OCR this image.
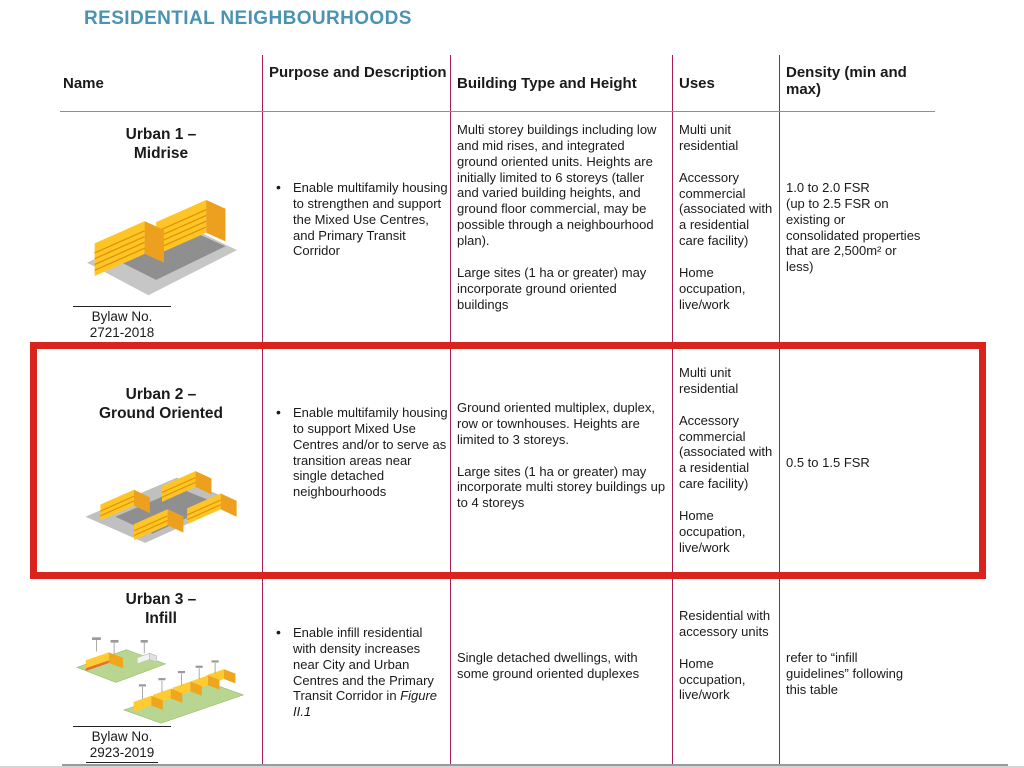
RESIDENTIAL NEIGHBOURHOODS
Name
Purpose and Description
Building Type and Height	Uses
Density (min and max)
Urban 1 –
Midrise
Bylaw No.
2721-2018
• Enable multifamily housing to strengthen and support the Mixed Use Centres, and Primary Transit Corridor
Multi storey buildings including low and mid rises, and integrated ground oriented units. Heights are initially limited to 6 storeys (taller and varied building heights, and ground floor commercial, may be possible through a neighbourhood plan).
Large sites (1 ha or greater) may incorporate ground oriented buildings
Multi unit residential
Accessory commercial (associated with a residential care facility)
Home occupation, live/work
1.0 to 2.0 FSR
(up to 2.5 FSR on existing or consolidated properties that are 2,500m² or less)
Urban 2 –
Ground Oriented	• Enable multifamily housing to support Mixed Use Centres and/or to serve as transition areas near single detached neighbourhoods
Ground oriented multiplex, duplex, row or townhouses. Heights are limited to 3 storeys.
Large sites (1 ha or greater) may incorporate multi storey buildings up to 4 storeys
Multi unit residential
Accessory commercial (associated with a residential care facility)
Home occupation, live/work
0.5 to 1.5 FSR
Urban 3 –
Infill
Bylaw No.
2923-2019
• Enable infill residential with density increases near City and Urban Centres and the Primary Transit Corridor in Figure II.1
Single detached dwellings, with some ground oriented duplexes
Residential with accessory units
Home occupation, live/work
refer to “infill guidelines” following this table
